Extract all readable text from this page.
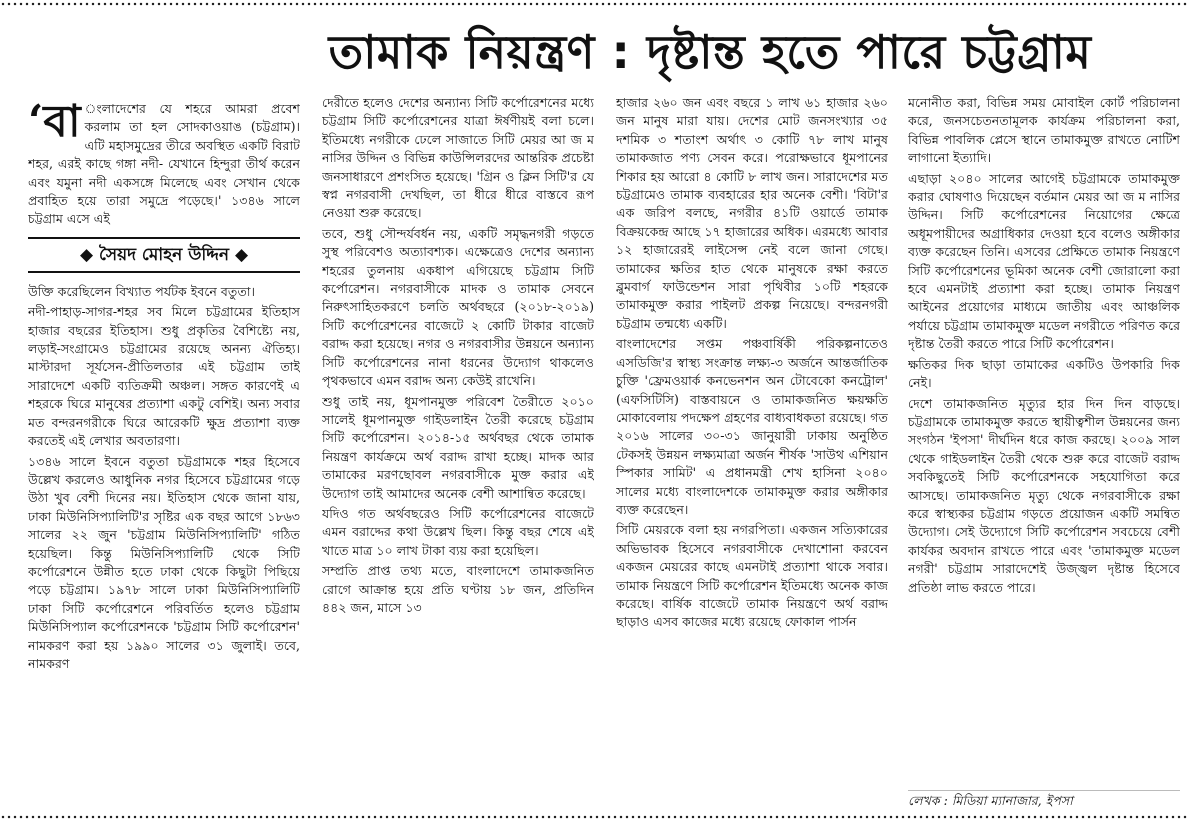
তামাক নিয়ন্ত্রণ : দৃষ্টান্ত হতে পারে চট্টগ্রাম

‘বা ংলাদেশের যে শহরে আমরা প্রবেশ করলাম তা হল সোদকাওয়াঙ (চট্টগ্রাম)। এটি মহাসমুদ্রের তীরে অবস্থিত একটি বিরাট শহর, এরই কাছে গঙ্গা নদী- যেখানে হিন্দুরা তীর্থ করেন এবং যমুনা নদী একসঙ্গে মিলেছে এবং সেখান থেকে প্রবাহিত হয়ে তারা সমুদ্রে পড়েছে।' ১৩৪৬ সালে চট্টগ্রাম এসে এই

◆ সৈয়দ মোহন উদ্দিন ◆

উক্তি করেছিলেন বিখ্যাত পর্যটক ইবনে বতুতা।

নদী-পাহাড়-সাগর-শহর সব মিলে চট্টগ্রামের ইতিহাস হাজার বছরের ইতিহাস। শুধু প্রকৃতির বৈশিষ্ট্যে নয়, লড়াই-সংগ্রামেও চট্টগ্রামের রয়েছে অনন্য ঐতিহ্য। মাস্টারদা সূর্যসেন-প্রীতিলতার এই চট্টগ্রাম তাই সারাদেশে একটি ব্যতিক্রমী অঞ্চল। সঙ্গত কারণেই এ শহরকে ঘিরে মানুষের প্রত্যাশা একটু বেশিই। অন্য সবার মত বন্দরনগরীকে ঘিরে আরেকটি ক্ষুদ্র প্রত্যাশা ব্যক্ত করতেই এই লেখার অবতারণা।

১৩৪৬ সালে ইবনে বতুতা চট্টগ্রামকে শহর হিসেবে উল্লেখ করলেও আধুনিক নগর হিসেবে চট্টগ্রামের গড়ে উঠা খুব বেশী দিনের নয়। ইতিহাস থেকে জানা যায়, ঢাকা মিউনিসিপ্যালিটি'র সৃষ্টির এক বছর আগে ১৮৬৩ সালের ২২ জুন 'চট্টগ্রাম মিউনিসিপ্যালিটি' গঠিত হয়েছিল। কিন্তু মিউনিসিপ্যালিটি থেকে সিটি কর্পোরেশনে উন্নীত হতে ঢাকা থেকে কিছুটা পিছিয়ে পড়ে চট্টগ্রাম। ১৯৭৮ সালে ঢাকা মিউনিসিপ্যালিটি ঢাকা সিটি কর্পোরেশনে পরিবর্তিত হলেও চট্টগ্রাম মিউনিসিপ্যাল কর্পোরেশনকে 'চট্টগ্রাম সিটি কর্পোরেশন' নামকরণ করা হয় ১৯৯০ সালের ৩১ জুলাই। তবে, নামকরণ

দেরীতে হলেও দেশের অন্যান্য সিটি কর্পোরেশনের মধ্যে চট্টগ্রাম সিটি কর্পোরেশনের যাত্রা ঈর্ষণীয়ই বলা চলে। ইতিমধ্যে নগরীকে ঢেলে সাজাতে সিটি মেয়র আ জ ম নাসির উদ্দিন ও বিভিন্ন কাউন্সিলরদের আন্তরিক প্রচেষ্টা জনসাধারণে প্রশংসিত হয়েছে। 'গ্রিন ও ক্লিন সিটি'র যে স্বপ্ন নগরবাসী দেখছিল, তা ধীরে ধীরে বাস্তবে রূপ নেওয়া শুরু করেছে।

তবে, শুধু সৌন্দর্যবর্ধন নয়, একটি সমৃদ্ধনগরী গড়তে সুস্থ পরিবেশও অত্যাবশ্যক। এক্ষেত্রেও দেশের অন্যান্য শহরের তুলনায় একধাপ এগিয়েছে চট্টগ্রাম সিটি কর্পোরেশন। নগরবাসীকে মাদক ও তামাক সেবনে নিরুৎসাহিতকরণে চলতি অর্থবছরে (২০১৮-২০১৯) সিটি কর্পোরেশনের বাজেটে ২ কোটি টাকার বাজেট বরাদ্দ করা হয়েছে। নগর ও নগরবাসীর উন্নয়নে অন্যান্য সিটি কর্পোরেশনের নানা ধরনের উদ্যোগ থাকলেও পৃথকভাবে এমন বরাদ্দ অন্য কেউই রাখেনি।

শুধু তাই নয়, ধূমপানমুক্ত পরিবেশ তৈরীতে ২০১০ সালেই ধূমপানমুক্ত গাইডলাইন তৈরী করেছে চট্টগ্রাম সিটি কর্পোরেশন। ২০১৪-১৫ অর্থবছর থেকে তামাক নিয়ন্ত্রণ কার্যক্রমে অর্থ বরাদ্দ রাখা হচ্ছে। মাদক আর তামাকের মরণছোবল নগরবাসীকে মুক্ত করার এই উদ্যোগ তাই আমাদের অনেক বেশী আশান্বিত করেছে।

যদিও গত অর্থবছরেও সিটি কর্পোরেশনের বাজেটে এমন বরাদ্দের কথা উল্লেখ ছিল। কিন্তু বছর শেষে এই খাতে মাত্র ১০ লাখ টাকা ব্যয় করা হয়েছিল।

সম্প্রতি প্রাপ্ত তথ্য মতে, বাংলাদেশে তামাকজনিত রোগে আক্রান্ত হয়ে প্রতি ঘণ্টায় ১৮ জন, প্রতিদিন ৪৪২ জন, মাসে ১৩

হাজার ২৬০ জন এবং বছরে ১ লাখ ৬১ হাজার ২৬০ জন মানুষ মারা যায়। দেশের মোট জনসংখ্যার ৩৫ দশমিক ৩ শতাংশ অর্থাৎ ৩ কোটি ৭৮ লাখ মানুষ তামাকজাত পণ্য সেবন করে। পরোক্ষভাবে ধূমপানের শিকার হয় আরো ৪ কোটি ৮ লাখ জন। সারাদেশের মত চট্টগ্রামেও তামাক ব্যবহারের হার অনেক বেশী। 'বিটা'র এক জরিপ বলছে, নগরীর ৪১টি ওয়ার্ডে তামাক বিক্রয়কেন্দ্র আছে ১৭ হাজারের অধিক। এরমধ্যে আবার ১২ হাজারেরই লাইসেন্স নেই বলে জানা গেছে। তামাকের ক্ষতির হাত থেকে মানুষকে রক্ষা করতে ব্লুমবার্গ ফাউন্ডেশন সারা পৃথিবীর ১০টি শহরকে তামাকমুক্ত করার পাইলট প্রকল্প নিয়েছে। বন্দরনগরী চট্টগ্রাম তন্মধ্যে একটি।

বাংলাদেশের সপ্তম পঞ্চবার্ষিকী পরিকল্পনাতেও এসডিজি'র স্বাস্থ্য সংক্রান্ত লক্ষ্য-৩ অর্জনে আন্তর্জাতিক চুক্তি 'ফ্রেমওয়ার্ক কনভেনশন অন টোবেকো কনট্রোল' (এফসিটিসি) বাস্তবায়নে ও তামাকজনিত ক্ষয়ক্ষতি মোকাবেলায় পদক্ষেপ গ্রহণের বাধ্যবাধকতা রয়েছে। গত ২০১৬ সালের ৩০-৩১ জানুয়ারী ঢাকায় অনুষ্ঠিত টেকসই উন্নয়ন লক্ষ্যমাত্রা অর্জন শীর্ষক 'সাউথ এশিয়ান স্পিকার সামিট' এ প্রধানমন্ত্রী শেখ হাসিনা ২০৪০ সালের মধ্যে বাংলাদেশকে তামাকমুক্ত করার অঙ্গীকার ব্যক্ত করেছেন।

সিটি মেয়রকে বলা হয় নগরপিতা। একজন সত্যিকারের অভিভাবক হিসেবে নগরবাসীকে দেখাশোনা করবেন একজন মেয়রের কাছে এমনটাই প্রত্যাশা থাকে সবার। তামাক নিয়ন্ত্রণে সিটি কর্পোরেশন ইতিমধ্যে অনেক কাজ করেছে। বার্ষিক বাজেটে তামাক নিয়ন্ত্রণে অর্থ বরাদ্দ ছাড়াও এসব কাজের মধ্যে রয়েছে ফোকাল পার্সন

মনোনীত করা, বিভিন্ন সময় মোবাইল কোর্ট পরিচালনা করে, জনসচেতনতামূলক কার্যক্রম পরিচালনা করা, বিভিন্ন পাবলিক প্লেসে স্থানে তামাকমুক্ত রাখতে নোটিশ লাগানো ইত্যাদি।

এছাড়া ২০৪০ সালের আগেই চট্টগ্রামকে তামাকমুক্ত করার ঘোষণাও দিয়েছেন বর্তমান মেয়র আ জ ম নাসির উদ্দিন। সিটি কর্পোরেশনের নিয়োগের ক্ষেত্রে অধূমপায়ীদের অগ্রাধিকার দেওয়া হবে বলেও অঙ্গীকার ব্যক্ত করেছেন তিনি। এসবের প্রেক্ষিতে তামাক নিয়ন্ত্রণে সিটি কর্পোরেশনের ভূমিকা অনেক বেশী জোরালো করা হবে এমনটাই প্রত্যাশা করা হচ্ছে। তামাক নিয়ন্ত্রণ আইনের প্রয়োগের মাধ্যমে জাতীয় এবং আঞ্চলিক পর্যায়ে চট্টগ্রাম তামাকমুক্ত মডেল নগরীতে পরিণত করে দৃষ্টান্ত তৈরী করতে পারে সিটি কর্পোরেশন।

ক্ষতিকর দিক ছাড়া তামাকের একটিও উপকারি দিক নেই।

দেশে তামাকজনিত মৃত্যুর হার দিন দিন বাড়ছে। চট্টগ্রামকে তামাকমুক্ত করতে স্থায়ীত্বশীল উন্নয়নের জন্য সংগঠন 'ইপসা' দীর্ঘদিন ধরে কাজ করছে। ২০০৯ সাল থেকে গাইডলাইন তৈরী থেকে শুরু করে বাজেট বরাদ্দ সবকিছুতেই সিটি কর্পোরেশনকে সহযোগিতা করে আসছে। তামাকজনিত মৃত্যু থেকে নগরবাসীকে রক্ষা করে স্বাস্থ্যকর চট্টগ্রাম গড়তে প্রয়োজন একটি সমন্বিত উদ্যোগ। সেই উদ্যোগে সিটি কর্পোরেশন সবচেয়ে বেশী কার্যকর অবদান রাখতে পারে এবং 'তামাকমুক্ত মডেল নগরী' চট্টগ্রাম সারাদেশেই উজ্জ্বল দৃষ্টান্ত হিসেবে প্রতিষ্ঠা লাভ করতে পারে।

লেখক : মিডিয়া ম্যানাজার, ইপসা
